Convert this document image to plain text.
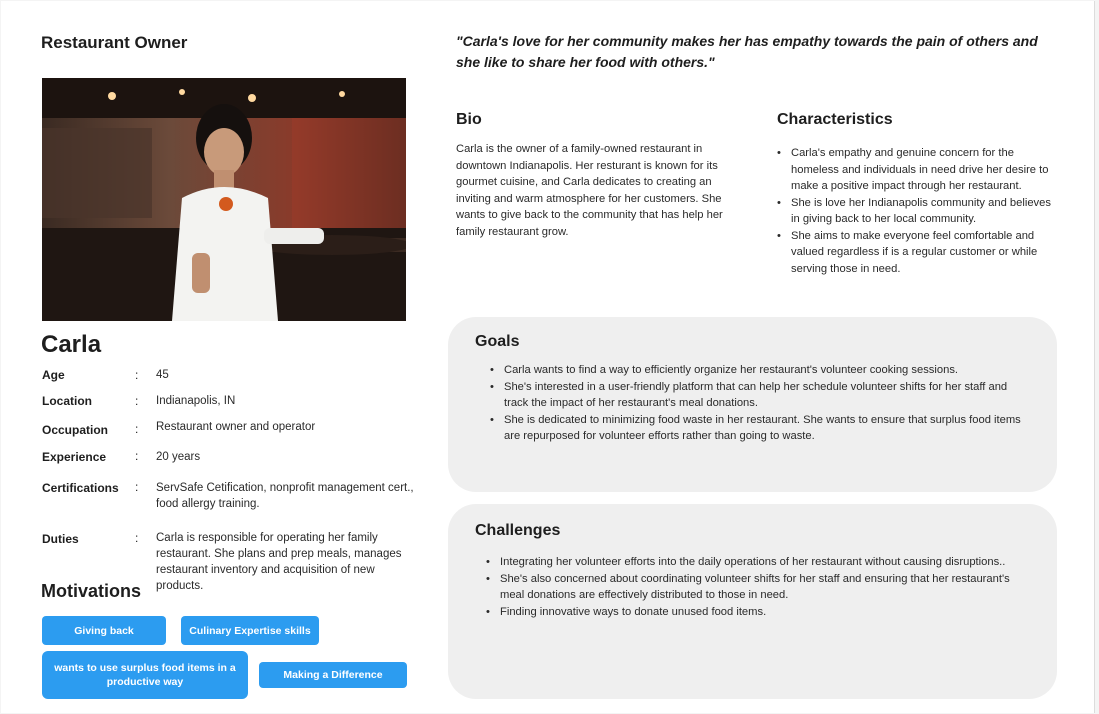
Restaurant Owner
Carla
Age	: 45
Location	: Indianapolis, IN
Occupation : Restaurant owner and operator
Experience : 20 years
Certifications : ServSafe Cetification, nonprofit management cert., food allergy training.
Duties	: Carla is responsible for operating her family restaurant. She plans and prep meals, manages restaurant inventory and acquisition of new products.
Motivations
Giving back	Culinary Expertise skills
wants to use surplus food items in a productive way
Making a Difference
"Carla's love for her community makes her has empathy towards the pain of others and she like to share her food with others."
Bio
Carla is the owner of a family-owned restaurant in downtown Indianapolis. Her resturant is known for its gourmet cuisine, and Carla dedicates to creating an inviting and warm atmosphere for her customers. She wants to give back to the community that has help her family restaurant grow.
Characteristics
• Carla's empathy and genuine concern for the homeless and individuals in need drive her desire to make a positive impact through her restaurant.
• She is love her Indianapolis community and believes in giving back to her local community.
• She aims to make everyone feel comfortable and valued regardless if is a regular customer or while serving those in need.
Goals
• Carla wants to find a way to efficiently organize her restaurant's volunteer cooking sessions.
• She's interested in a user-friendly platform that can help her schedule volunteer shifts for her staff and track the impact of her restaurant's meal donations.
• She is dedicated to minimizing food waste in her restaurant. She wants to ensure that surplus food items are repurposed for volunteer efforts rather than going to waste.
Challenges
• Integrating her volunteer efforts into the daily operations of her restaurant without causing disruptions..
• She's also concerned about coordinating volunteer shifts for her staff and ensuring that her restaurant's meal donations are effectively distributed to those in need.
• Finding innovative ways to donate unused food items.
